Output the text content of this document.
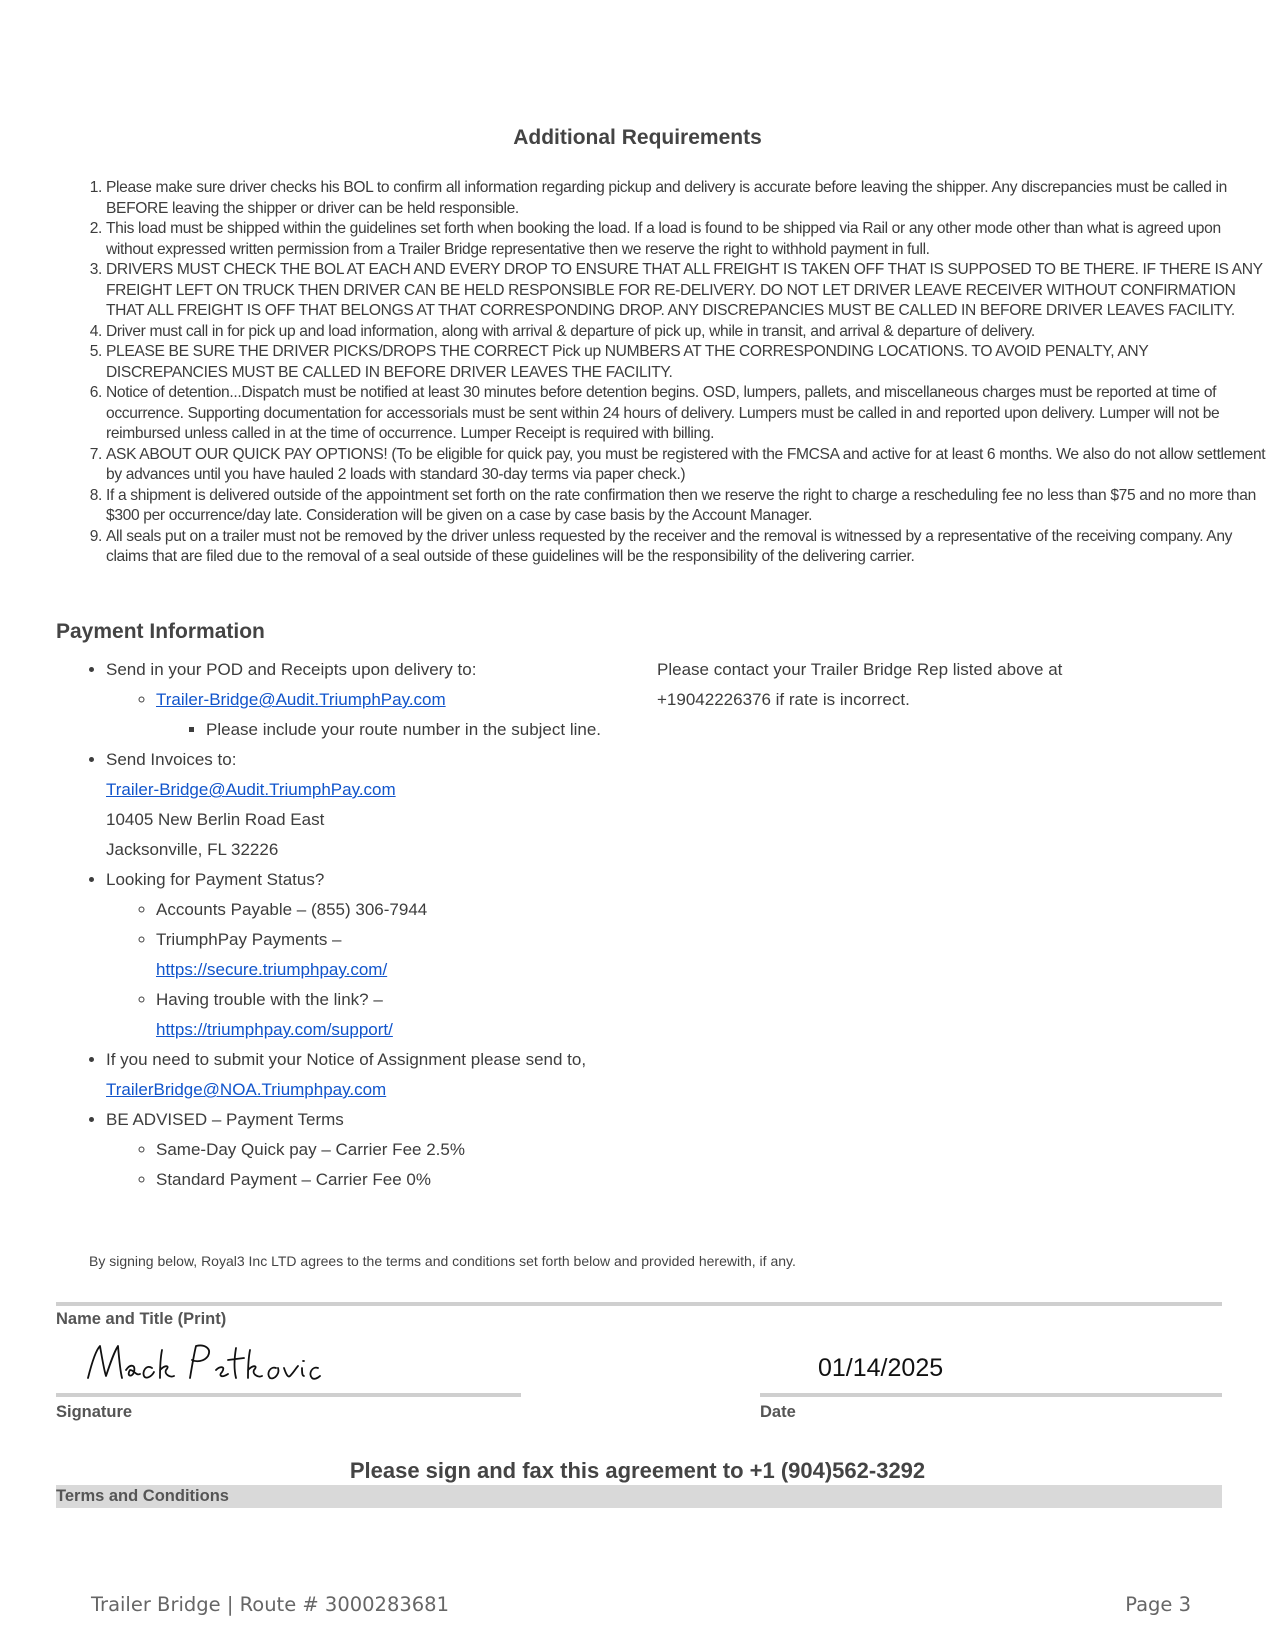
Additional Requirements
1. Please make sure driver checks his BOL to confirm all information regarding pickup and delivery is accurate before leaving the shipper. Any discrepancies must be called in BEFORE leaving the shipper or driver can be held responsible.
2. This load must be shipped within the guidelines set forth when booking the load. If a load is found to be shipped via Rail or any other mode other than what is agreed upon without expressed written permission from a Trailer Bridge representative then we reserve the right to withhold payment in full.
3. DRIVERS MUST CHECK THE BOL AT EACH AND EVERY DROP TO ENSURE THAT ALL FREIGHT IS TAKEN OFF THAT IS SUPPOSED TO BE THERE. IF THERE IS ANY FREIGHT LEFT ON TRUCK THEN DRIVER CAN BE HELD RESPONSIBLE FOR RE-DELIVERY. DO NOT LET DRIVER LEAVE RECEIVER WITHOUT CONFIRMATION THAT ALL FREIGHT IS OFF THAT BELONGS AT THAT CORRESPONDING DROP. ANY DISCREPANCIES MUST BE CALLED IN BEFORE DRIVER LEAVES FACILITY.
4. Driver must call in for pick up and load information, along with arrival & departure of pick up, while in transit, and arrival & departure of delivery.
5. PLEASE BE SURE THE DRIVER PICKS/DROPS THE CORRECT Pick up NUMBERS AT THE CORRESPONDING LOCATIONS. TO AVOID PENALTY, ANY DISCREPANCIES MUST BE CALLED IN BEFORE DRIVER LEAVES THE FACILITY.
6. Notice of detention...Dispatch must be notified at least 30 minutes before detention begins. OSD, lumpers, pallets, and miscellaneous charges must be reported at time of occurrence. Supporting documentation for accessorials must be sent within 24 hours of delivery. Lumpers must be called in and reported upon delivery. Lumper will not be reimbursed unless called in at the time of occurrence. Lumper Receipt is required with billing.
7. ASK ABOUT OUR QUICK PAY OPTIONS! (To be eligible for quick pay, you must be registered with the FMCSA and active for at least 6 months. We also do not allow settlement by advances until you have hauled 2 loads with standard 30-day terms via paper check.)
8. If a shipment is delivered outside of the appointment set forth on the rate confirmation then we reserve the right to charge a rescheduling fee no less than $75 and no more than $300 per occurrence/day late. Consideration will be given on a case by case basis by the Account Manager.
9. All seals put on a trailer must not be removed by the driver unless requested by the receiver and the removal is witnessed by a representative of the receiving company. Any claims that are filed due to the removal of a seal outside of these guidelines will be the responsibility of the delivering carrier.
Payment Information
• Send in your POD and Receipts upon delivery to:
◦ Trailer-Bridge@Audit.TriumphPay.com
▪ Please include your route number in the subject line.
• Send Invoices to:
Trailer-Bridge@Audit.TriumphPay.com
10405 New Berlin Road East
Jacksonville, FL 32226
• Looking for Payment Status?
◦ Accounts Payable – (855) 306-7944
◦ TriumphPay Payments –
https://secure.triumphpay.com/
◦ Having trouble with the link? –
https://triumphpay.com/support/
• If you need to submit your Notice of Assignment please send to, TrailerBridge@NOA.Triumphpay.com
• BE ADVISED – Payment Terms
◦ Same-Day Quick pay – Carrier Fee 2.5%
◦ Standard Payment – Carrier Fee 0%
Please contact your Trailer Bridge Rep listed above at +19042226376 if rate is incorrect.
By signing below, Royal3 Inc LTD agrees to the terms and conditions set forth below and provided herewith, if any.
Name and Title (Print)
01/14/2025
Signature	Date
Please sign and fax this agreement to +1 (904)562-3292
Terms and Conditions
Trailer Bridge | Route # 3000283681	Page 3
